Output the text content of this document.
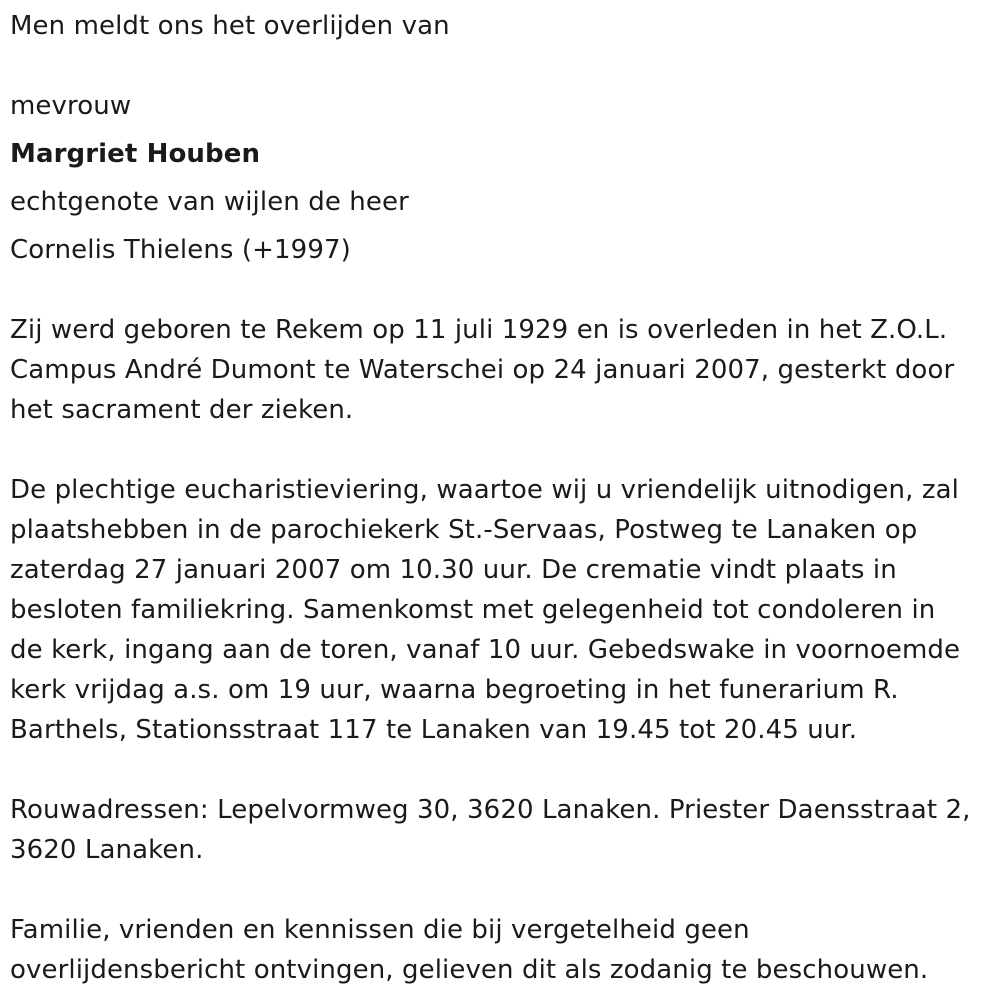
Men meldt ons het overlijden van
mevrouw
Margriet Houben
echtgenote van wijlen de heer
Cornelis Thielens (+1997)
Zij werd geboren te Rekem op 11 juli 1929 en is overleden in het Z.O.L.
Campus André Dumont te Waterschei op 24 januari 2007, gesterkt door
het sacrament der zieken.
De plechtige eucharistieviering, waartoe wij u vriendelijk uitnodigen, zal
plaatshebben in de parochiekerk St.-Servaas, Postweg te Lanaken op
zaterdag 27 januari 2007 om 10.30 uur. De crematie vindt plaats in
besloten familiekring. Samenkomst met gelegenheid tot condoleren in
de kerk, ingang aan de toren, vanaf 10 uur. Gebedswake in voornoemde
kerk vrijdag a.s. om 19 uur, waarna begroeting in het funerarium R.
Barthels, Stationsstraat 117 te Lanaken van 19.45 tot 20.45 uur.
Rouwadressen: Lepelvormweg 30, 3620 Lanaken. Priester Daensstraat 2,
3620 Lanaken.
Familie, vrienden en kennissen die bij vergetelheid geen
overlijdensbericht ontvingen, gelieven dit als zodanig te beschouwen.
